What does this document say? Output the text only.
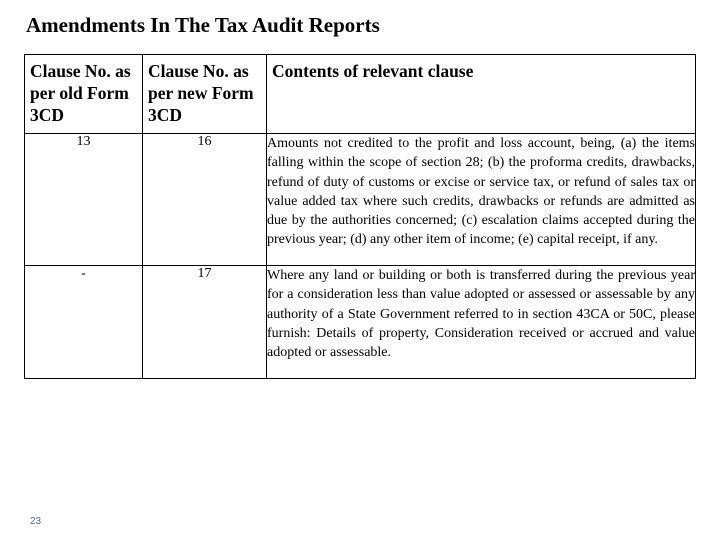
Amendments In The Tax Audit Reports
Clause No. as per old Form 3CD	Clause No. as per new Form 3CD	Contents of relevant clause
13	16	Amounts not credited to the profit and loss account, being, (a) the items falling within the scope of section 28; (b) the proforma credits, drawbacks, refund of duty of customs or excise or service tax, or refund of sales tax or value added tax where such credits, drawbacks or refunds are admitted as due by the authorities concerned; (c) escalation claims accepted during the previous year; (d) any other item of income; (e) capital receipt, if any.
-	17	Where any land or building or both is transferred during the previous year for a consideration less than value adopted or assessed or assessable by any authority of a State Government referred to in section 43CA or 50C, please furnish: Details of property, Consideration received or accrued and value adopted or assessable.
23
